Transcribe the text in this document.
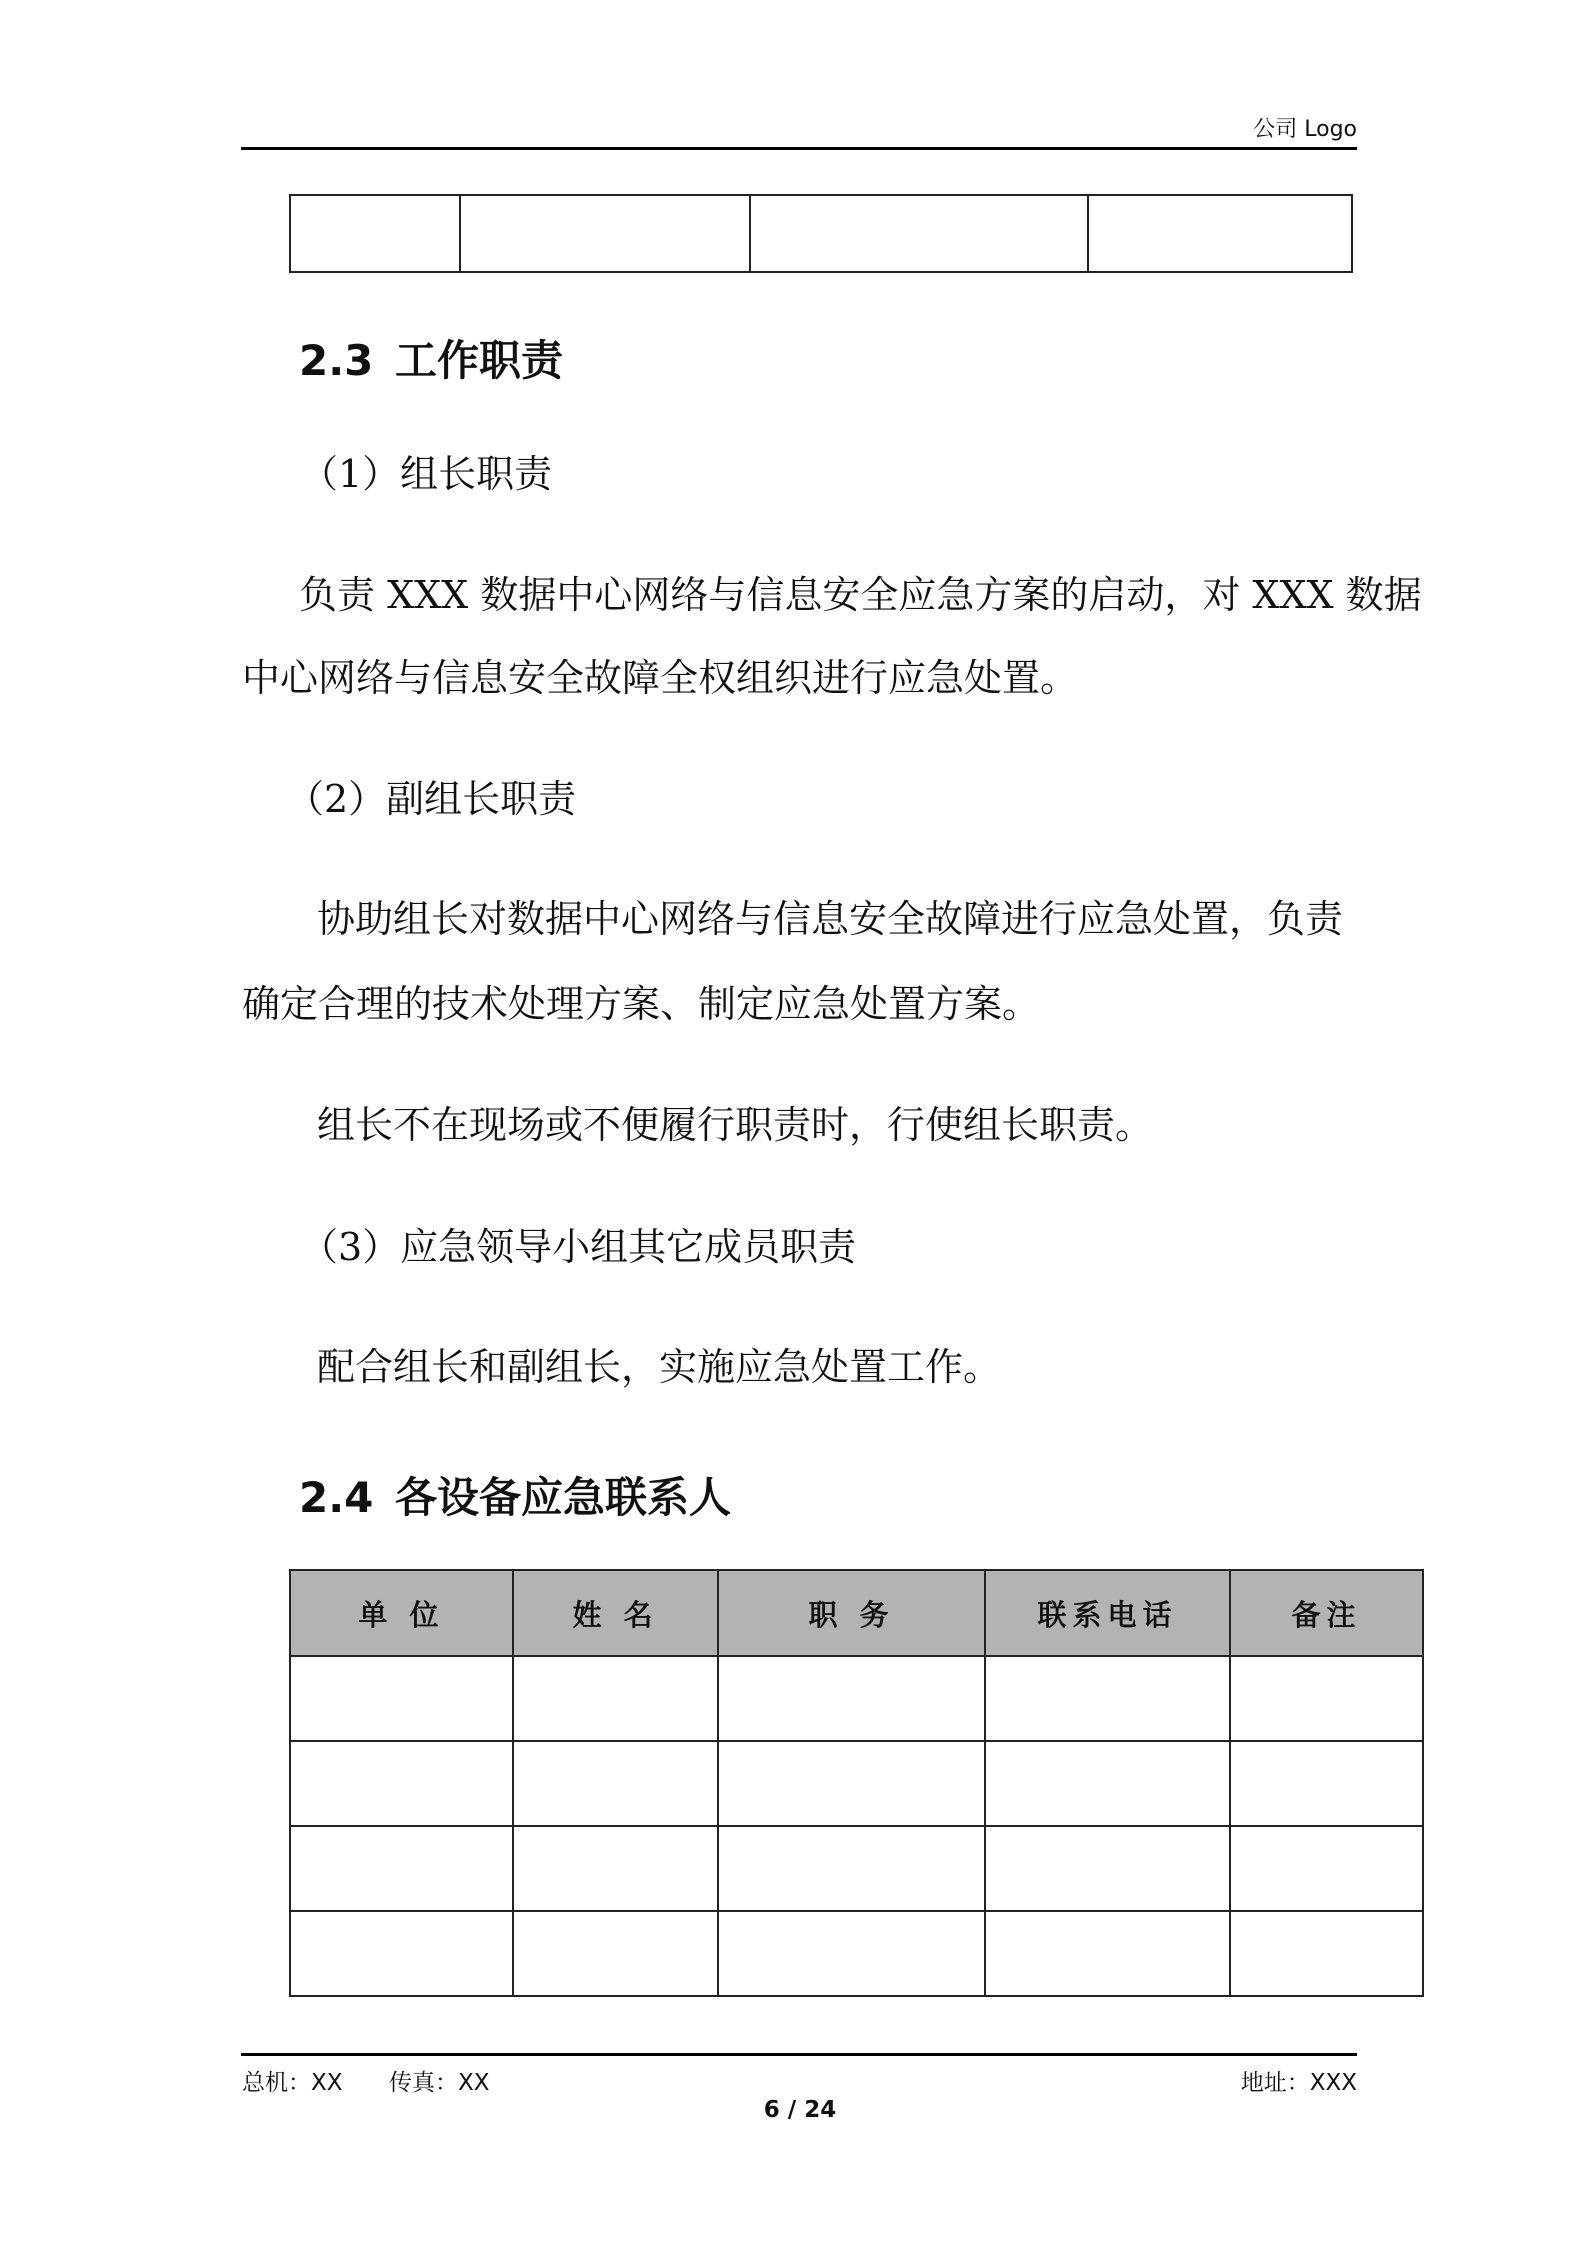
公司 Logo

2.3 工作职责
（1）组长职责
负责 XXX 数据中心网络与信息安全应急方案的启动，对 XXX 数据
中心网络与信息安全故障全权组织进行应急处置。
（2）副组长职责
协助组长对数据中心网络与信息安全故障进行应急处置，负责
确定合理的技术处理方案、制定应急处置方案。
组长不在现场或不便履行职责时，行使组长职责。
（3）应急领导小组其它成员职责
配合组长和副组长，实施应急处置工作。
2.4 各设备应急联系人
单 位	姓 名	职 务	联系电话	备注

总机：XX 传真：XX	地址：XXX
6 / 24
